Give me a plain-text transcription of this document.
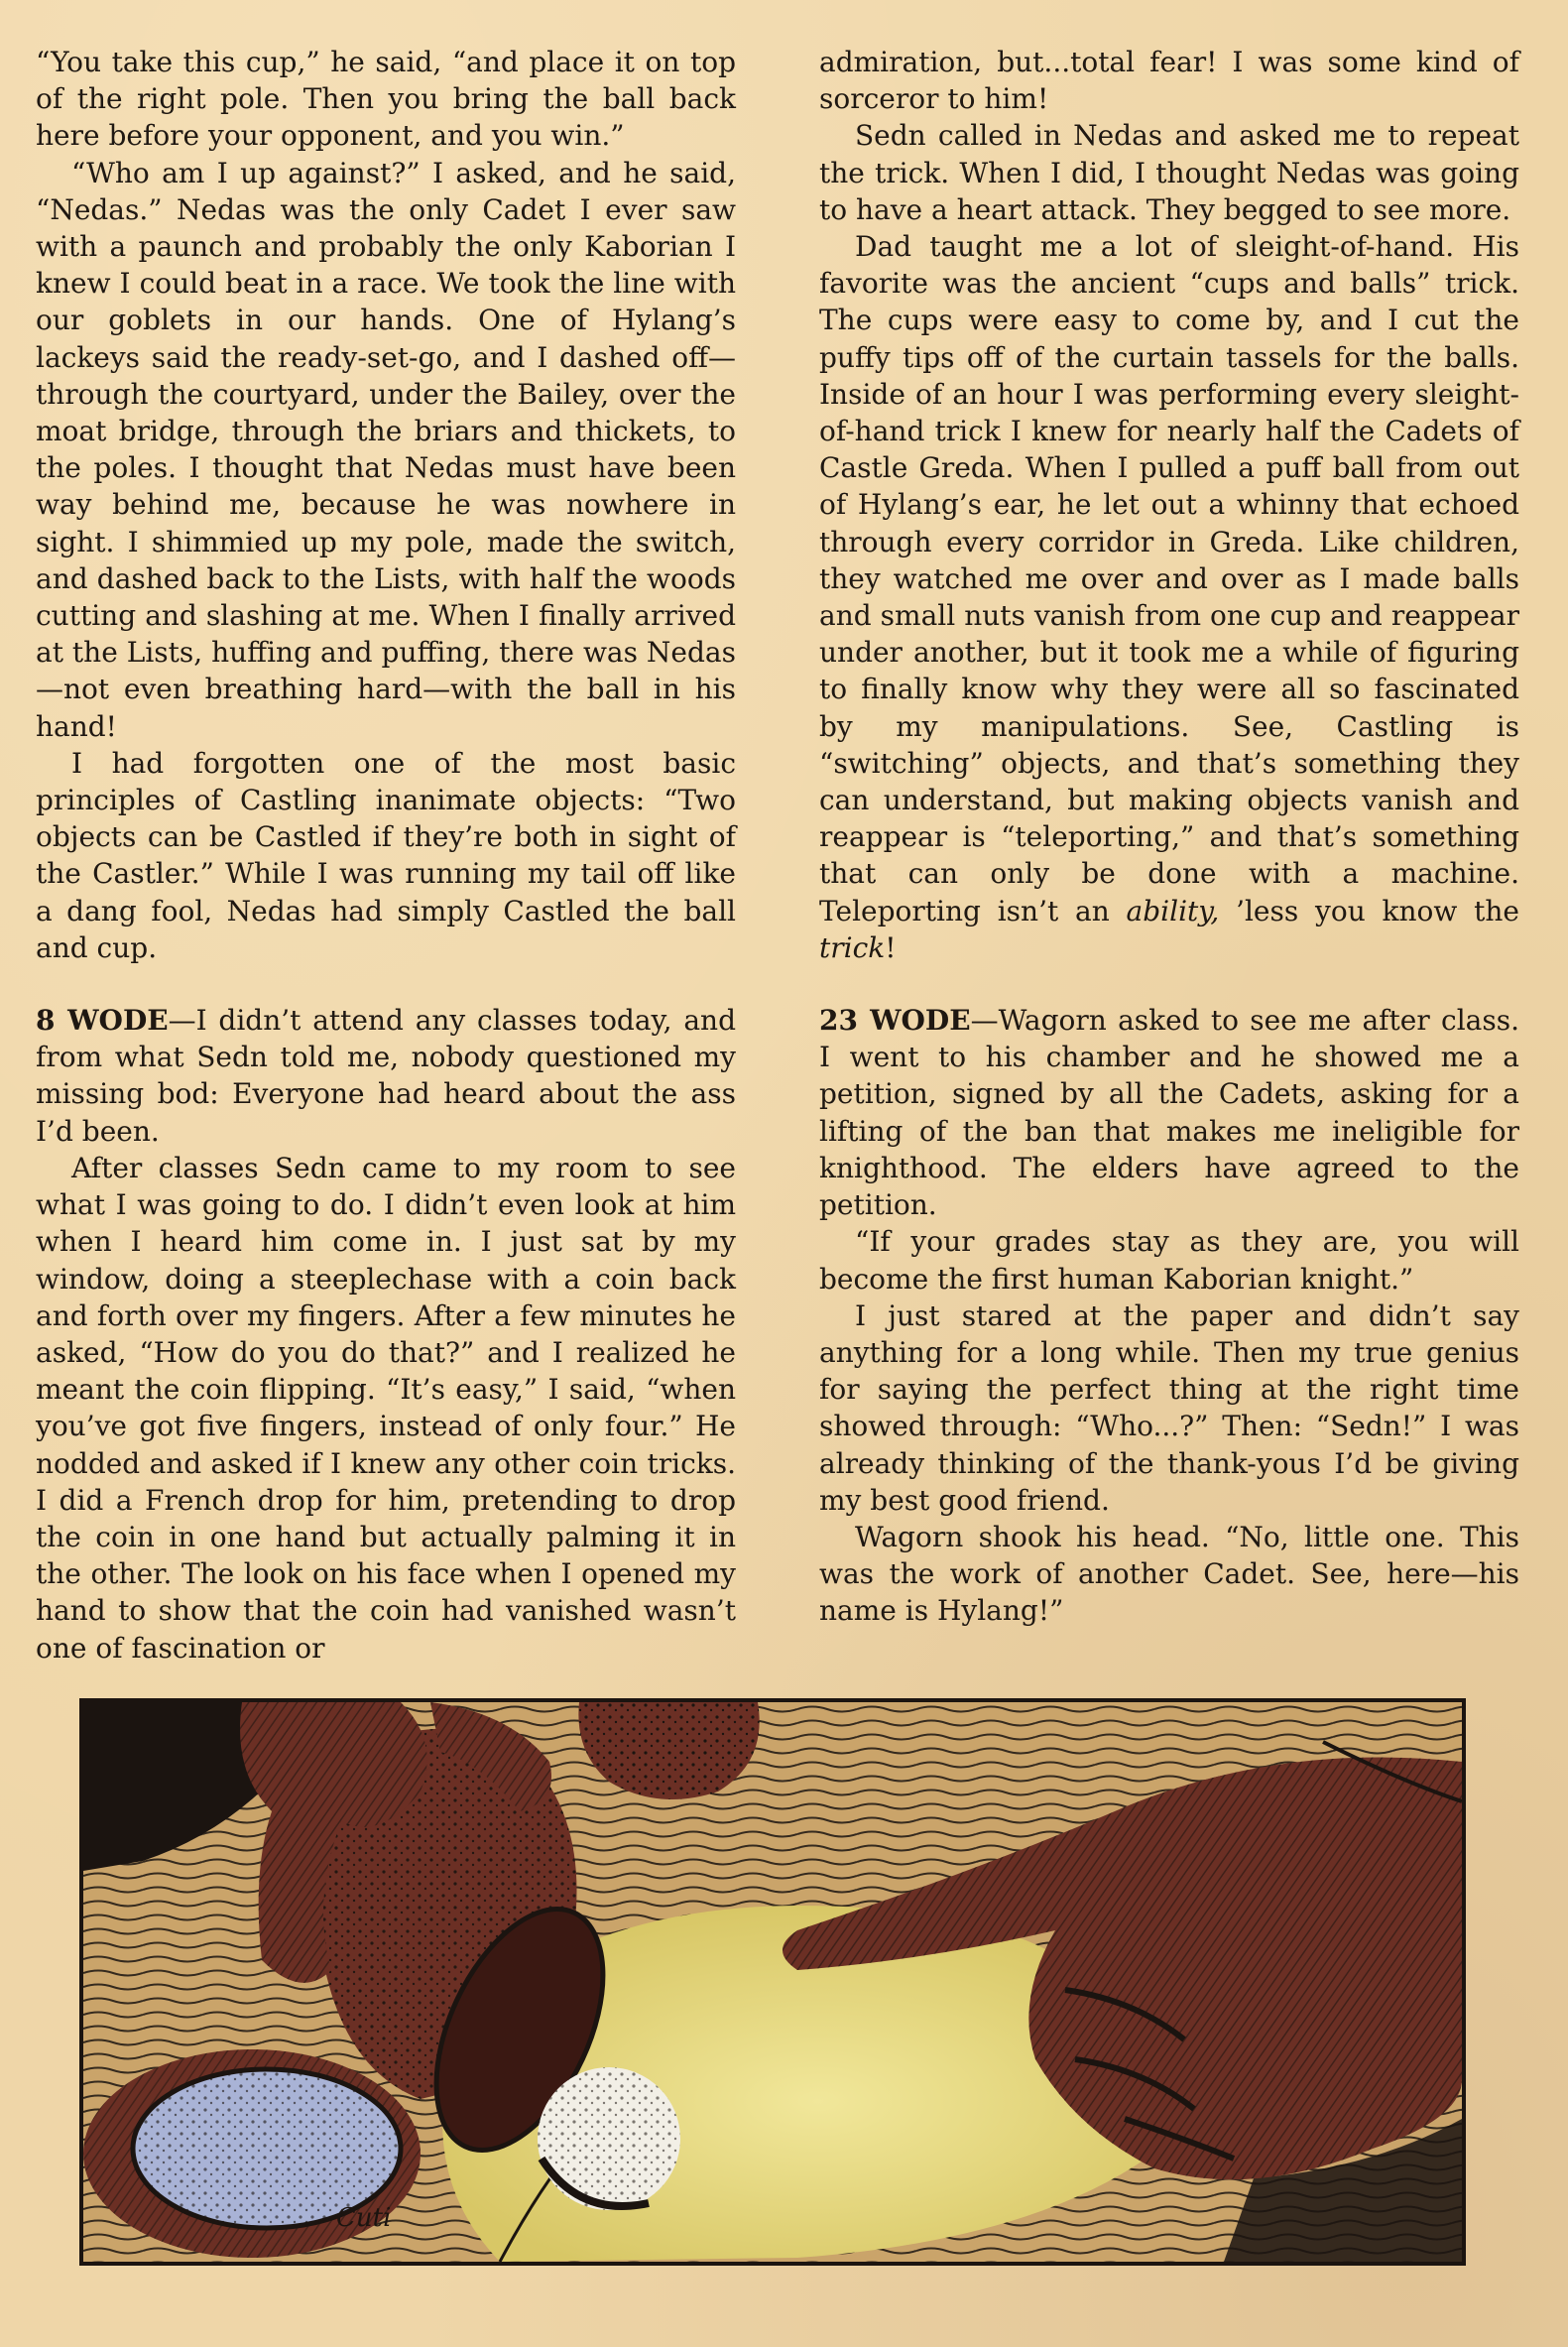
“You take this cup,” he said, “and place it on top of the right pole. Then you bring the ball back here before your opponent, and you win.”

“Who am I up against?” I asked, and he said, “Nedas.” Nedas was the only Cadet I ever saw with a paunch and probably the only Kaborian I knew I could beat in a race. We took the line with our goblets in our hands. One of Hylang’s lackeys said the ready-set-go, and I dashed off—through the courtyard, under the Bailey, over the moat bridge, through the briars and thickets, to the poles. I thought that Nedas must have been way behind me, because he was nowhere in sight. I shimmied up my pole, made the switch, and dashed back to the Lists, with half the woods cutting and slashing at me. When I finally arrived at the Lists, huffing and puffing, there was Nedas—not even breathing hard—with the ball in his hand!

I had forgotten one of the most basic principles of Castling inanimate objects: “Two objects can be Castled if they’re both in sight of the Castler.” While I was running my tail off like a dang fool, Nedas had simply Castled the ball and cup.

8 WODE—I didn’t attend any classes today, and from what Sedn told me, nobody questioned my missing bod: Everyone had heard about the ass I’d been.

After classes Sedn came to my room to see what I was going to do. I didn’t even look at him when I heard him come in. I just sat by my window, doing a steeplechase with a coin back and forth over my fingers. After a few minutes he asked, “How do you do that?” and I realized he meant the coin flipping. “It’s easy,” I said, “when you’ve got five fingers, instead of only four.” He nodded and asked if I knew any other coin tricks. I did a French drop for him, pretending to drop the coin in one hand but actually palming it in the other. The look on his face when I opened my hand to show that the coin had vanished wasn’t one of fascination or

admiration, but...total fear! I was some kind of sorceror to him!

Sedn called in Nedas and asked me to repeat the trick. When I did, I thought Nedas was going to have a heart attack. They begged to see more.

Dad taught me a lot of sleight-of-hand. His favorite was the ancient “cups and balls” trick. The cups were easy to come by, and I cut the puffy tips off of the curtain tassels for the balls. Inside of an hour I was performing every sleight-of-hand trick I knew for nearly half the Cadets of Castle Greda. When I pulled a puff ball from out of Hylang’s ear, he let out a whinny that echoed through every corridor in Greda. Like children, they watched me over and over as I made balls and small nuts vanish from one cup and reappear under another, but it took me a while of figuring to finally know why they were all so fascinated by my manipulations. See, Castling is “switching” objects, and that’s something they can understand, but making objects vanish and reappear is “teleporting,” and that’s something that can only be done with a machine. Teleporting isn’t an ability, ’less you know the trick!

23 WODE—Wagorn asked to see me after class. I went to his chamber and he showed me a petition, signed by all the Cadets, asking for a lifting of the ban that makes me ineligible for knighthood. The elders have agreed to the petition.

“If your grades stay as they are, you will become the first human Kaborian knight.”

I just stared at the paper and didn’t say anything for a long while. Then my true genius for saying the perfect thing at the right time showed through: “Who...?” Then: “Sedn!” I was already thinking of the thank-yous I’d be giving my best good friend.

Wagorn shook his head. “No, little one. This was the work of another Cadet. See, here—his name is Hylang!”

Cuti
